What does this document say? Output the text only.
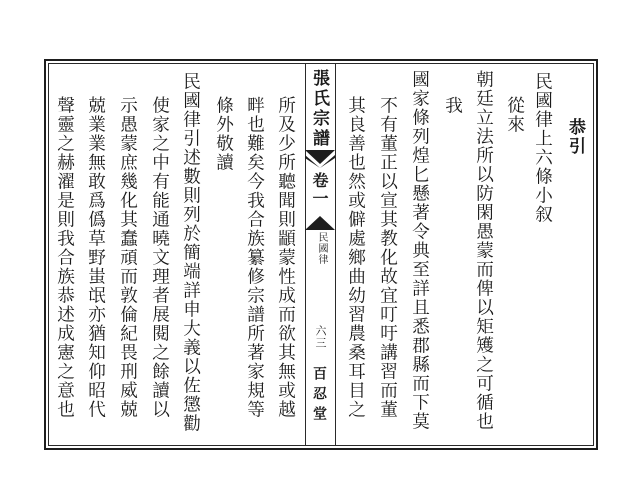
張氏宗譜
卷一
民國律
六三
百忍堂
恭引
民國律上六條小叙
從來
朝廷立法所以防閑愚蒙而俾以矩矱之可循也
我
國家條列煌匕懸著令典至詳且悉郡縣而下莫
不有董正以宣其教化故宜叮吁講習而董
其良善也然或僻處鄉曲幼習農桑耳目之
所及少所聽聞則顓蒙性成而欲其無或越
畔也難矣今我合族纂修宗譜所著家規等
條外敬讀
民國律引述數則列於簡端詳申大義以佐懲勸
使家之中有能通曉文理者展閱之餘讀以
示愚蒙庶幾化其蠢頑而敦倫紀畏刑威兢
兢業業無敢爲僞草野蚩氓亦猶知仰昭代
聲靈之赫濯是則我合族恭述成憲之意也
